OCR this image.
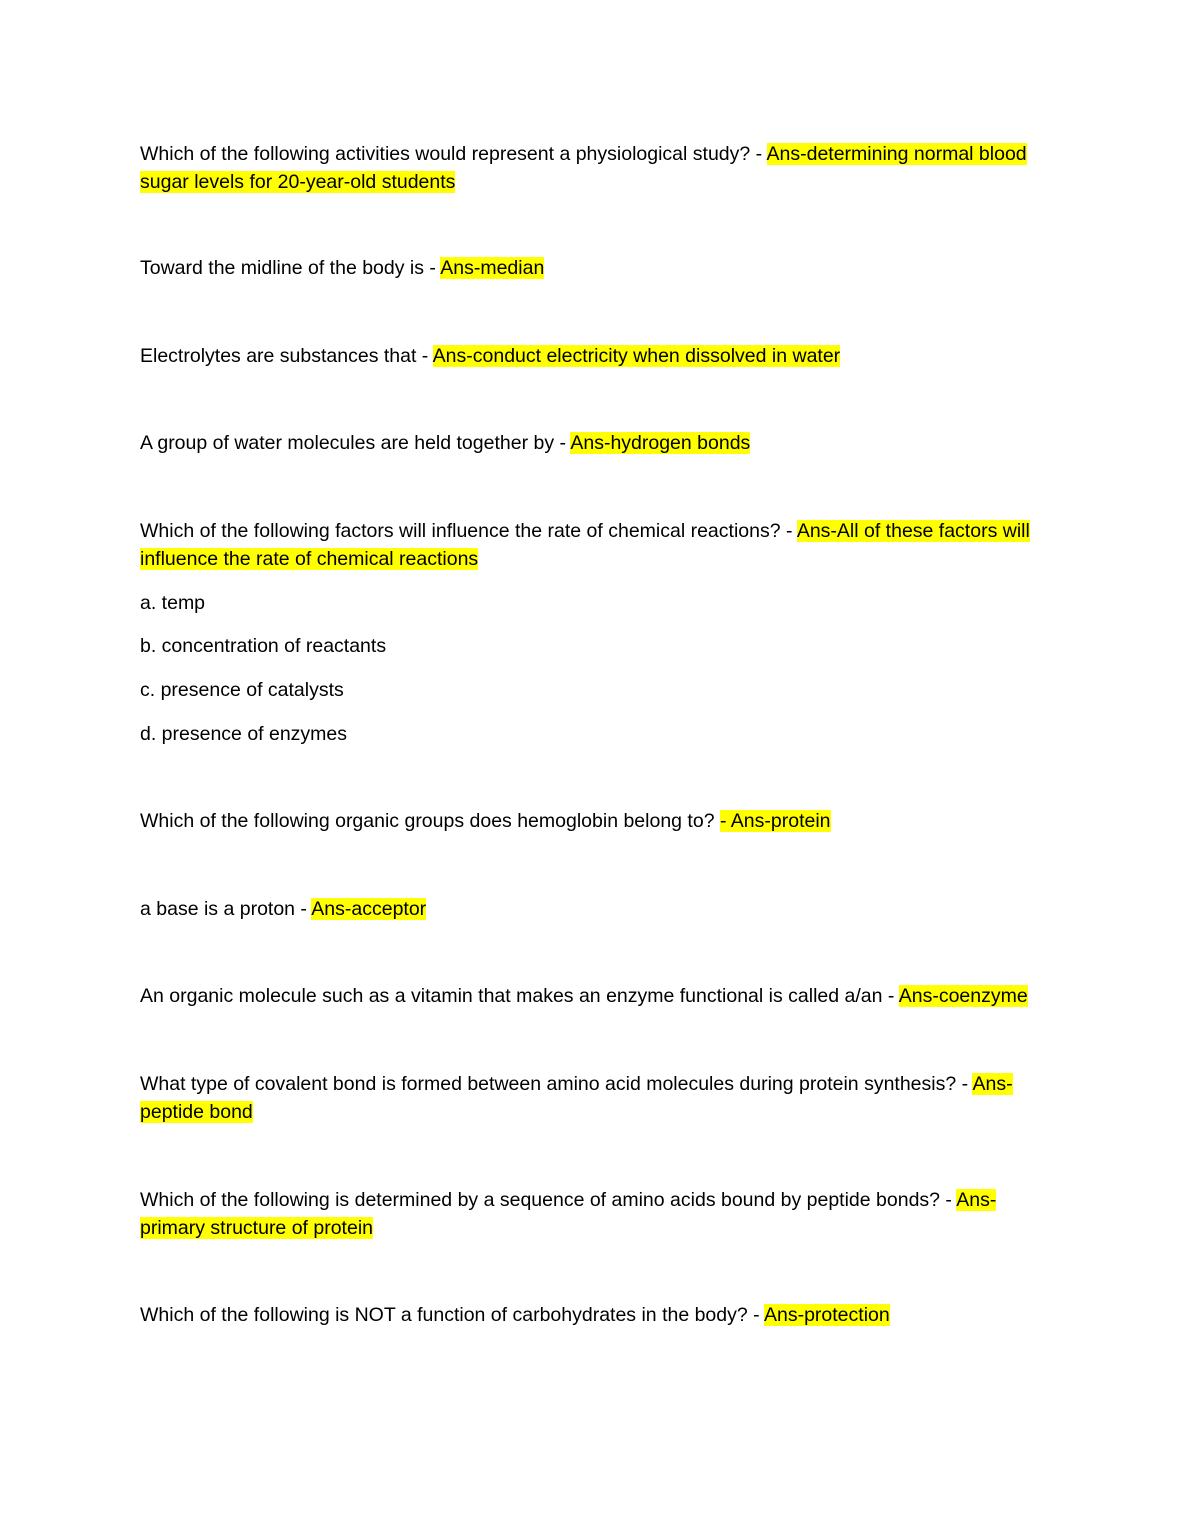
Which of the following activities would represent a physiological study? - Ans-determining normal blood sugar levels for 20-year-old students

Toward the midline of the body is - Ans-median

Electrolytes are substances that - Ans-conduct electricity when dissolved in water

A group of water molecules are held together by - Ans-hydrogen bonds

Which of the following factors will influence the rate of chemical reactions? - Ans-All of these factors will influence the rate of chemical reactions

a. temp

b. concentration of reactants

c. presence of catalysts

d. presence of enzymes

Which of the following organic groups does hemoglobin belong to? - Ans-protein

a base is a proton - Ans-acceptor

An organic molecule such as a vitamin that makes an enzyme functional is called a/an - Ans-coenzyme

What type of covalent bond is formed between amino acid molecules during protein synthesis? - Ans-peptide bond

Which of the following is determined by a sequence of amino acids bound by peptide bonds? - Ans-primary structure of protein

Which of the following is NOT a function of carbohydrates in the body? - Ans-protection
